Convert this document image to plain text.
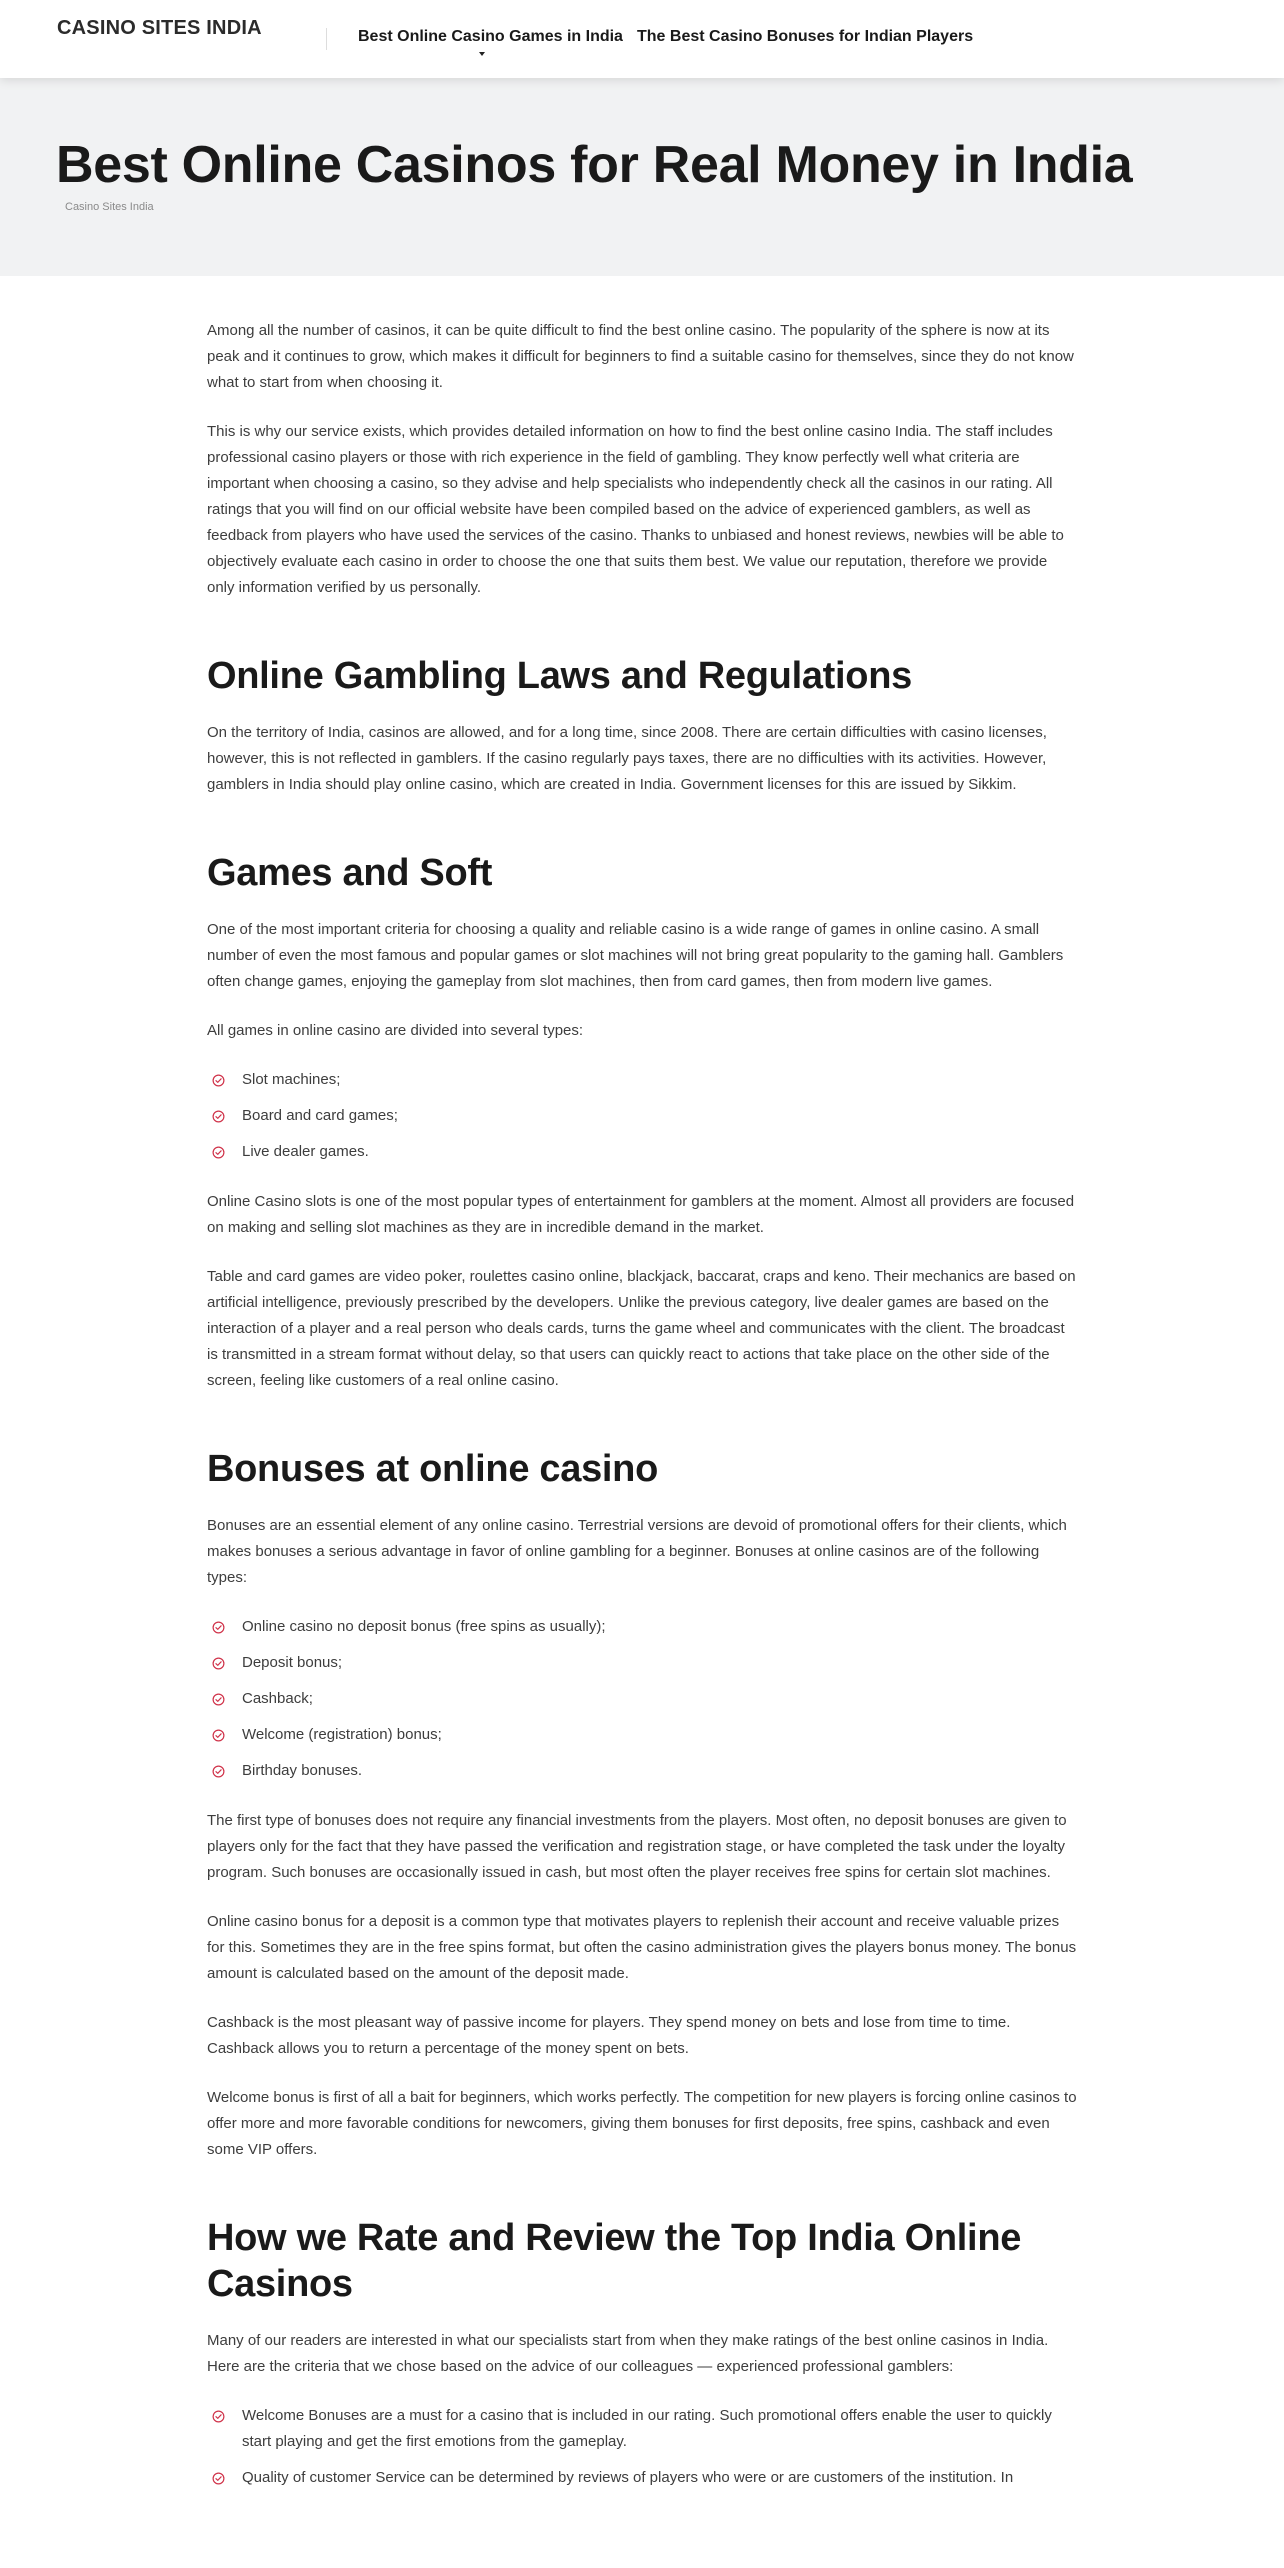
CASINO SITES INDIA	Best Online Casino Games in India The Best Casino Bonuses for Indian Players
Best Online Casinos for Real Money in India
Casino Sites India

Among all the number of casinos, it can be quite difficult to find the best online casino. The popularity of the sphere is now at its peak and it continues to grow, which makes it difficult for beginners to find a suitable casino for themselves, since they do not know what to start from when choosing it.

This is why our service exists, which provides detailed information on how to find the best online casino India. The staff includes professional casino players or those with rich experience in the field of gambling. They know perfectly well what criteria are important when choosing a casino, so they advise and help specialists who independently check all the casinos in our rating. All ratings that you will find on our official website have been compiled based on the advice of experienced gamblers, as well as feedback from players who have used the services of the casino. Thanks to unbiased and honest reviews, newbies will be able to objectively evaluate each casino in order to choose the one that suits them best. We value our reputation, therefore we provide only information verified by us personally.

Online Gambling Laws and Regulations

On the territory of India, casinos are allowed, and for a long time, since 2008. There are certain difficulties with casino licenses, however, this is not reflected in gamblers. If the casino regularly pays taxes, there are no difficulties with its activities. However, gamblers in India should play online casino, which are created in India. Government licenses for this are issued by Sikkim.

Games and Soft

One of the most important criteria for choosing a quality and reliable casino is a wide range of games in online casino. A small number of even the most famous and popular games or slot machines will not bring great popularity to the gaming hall. Gamblers often change games, enjoying the gameplay from slot machines, then from card games, then from modern live games.

All games in online casino are divided into several types:

Slot machines;
Board and card games;
Live dealer games.

Online Casino slots is one of the most popular types of entertainment for gamblers at the moment. Almost all providers are focused on making and selling slot machines as they are in incredible demand in the market.

Table and card games are video poker, roulettes casino online, blackjack, baccarat, craps and keno. Their mechanics are based on artificial intelligence, previously prescribed by the developers. Unlike the previous category, live dealer games are based on the interaction of a player and a real person who deals cards, turns the game wheel and communicates with the client. The broadcast is transmitted in a stream format without delay, so that users can quickly react to actions that take place on the other side of the screen, feeling like customers of a real online casino.

Bonuses at online casino

Bonuses are an essential element of any online casino. Terrestrial versions are devoid of promotional offers for their clients, which makes bonuses a serious advantage in favor of online gambling for a beginner. Bonuses at online casinos are of the following types:

Online casino no deposit bonus (free spins as usually);
Deposit bonus;
Cashback;
Welcome (registration) bonus;
Birthday bonuses.

The first type of bonuses does not require any financial investments from the players. Most often, no deposit bonuses are given to players only for the fact that they have passed the verification and registration stage, or have completed the task under the loyalty program. Such bonuses are occasionally issued in cash, but most often the player receives free spins for certain slot machines.

Online casino bonus for a deposit is a common type that motivates players to replenish their account and receive valuable prizes for this. Sometimes they are in the free spins format, but often the casino administration gives the players bonus money. The bonus amount is calculated based on the amount of the deposit made.

Cashback is the most pleasant way of passive income for players. They spend money on bets and lose from time to time. Cashback allows you to return a percentage of the money spent on bets.

Welcome bonus is first of all a bait for beginners, which works perfectly. The competition for new players is forcing online casinos to offer more and more favorable conditions for newcomers, giving them bonuses for first deposits, free spins, cashback and even some VIP offers.

How we Rate and Review the Top India Online Casinos

Many of our readers are interested in what our specialists start from when they make ratings of the best online casinos in India. Here are the criteria that we chose based on the advice of our colleagues — experienced professional gamblers:

Welcome Bonuses are a must for a casino that is included in our rating. Such promotional offers enable the user to quickly start playing and get the first emotions from the gameplay.
Quality of customer Service can be determined by reviews of players who were or are customers of the institution. In
